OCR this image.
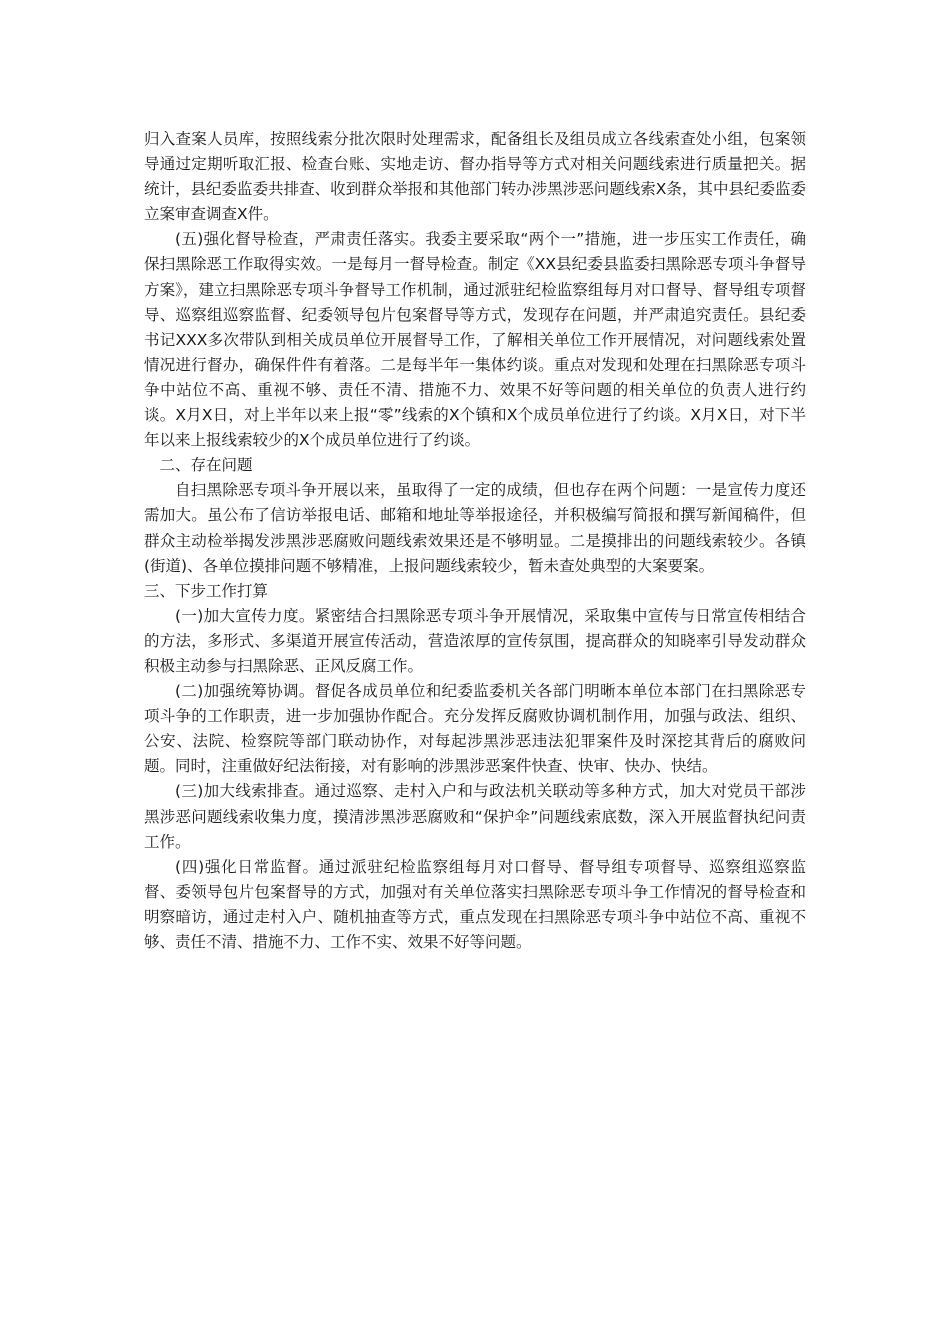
归入查案人员库，按照线索分批次限时处理需求，配备组长及组员成立各线索查处小组，包案领导通过定期听取汇报、检查台账、实地走访、督办指导等方式对相关问题线索进行质量把关。据统计，县纪委监委共排查、收到群众举报和其他部门转办涉黑涉恶问题线索X条，其中县纪委监委立案审查调查X件。

(五)强化督导检查，严肃责任落实。我委主要采取“两个一”措施，进一步压实工作责任，确保扫黑除恶工作取得实效。一是每月一督导检查。制定《XX县纪委县监委扫黑除恶专项斗争督导方案》，建立扫黑除恶专项斗争督导工作机制，通过派驻纪检监察组每月对口督导、督导组专项督导、巡察组巡察监督、纪委领导包片包案督导等方式，发现存在问题，并严肃追究责任。县纪委书记XXX多次带队到相关成员单位开展督导工作，了解相关单位工作开展情况，对问题线索处置情况进行督办，确保件件有着落。二是每半年一集体约谈。重点对发现和处理在扫黑除恶专项斗争中站位不高、重视不够、责任不清、措施不力、效果不好等问题的相关单位的负责人进行约谈。X月X日，对上半年以来上报“零”线索的X个镇和X个成员单位进行了约谈。X月X日，对下半年以来上报线索较少的X个成员单位进行了约谈。

二、存在问题

自扫黑除恶专项斗争开展以来，虽取得了一定的成绩，但也存在两个问题：一是宣传力度还需加大。虽公布了信访举报电话、邮箱和地址等举报途径，并积极编写简报和撰写新闻稿件，但群众主动检举揭发涉黑涉恶腐败问题线索效果还是不够明显。二是摸排出的问题线索较少。各镇(街道)、各单位摸排问题不够精准，上报问题线索较少，暂未查处典型的大案要案。

三、下步工作打算

(一)加大宣传力度。紧密结合扫黑除恶专项斗争开展情况，采取集中宣传与日常宣传相结合的方法，多形式、多渠道开展宣传活动，营造浓厚的宣传氛围，提高群众的知晓率引导发动群众积极主动参与扫黑除恶、正风反腐工作。

(二)加强统筹协调。督促各成员单位和纪委监委机关各部门明晰本单位本部门在扫黑除恶专项斗争的工作职责，进一步加强协作配合。充分发挥反腐败协调机制作用，加强与政法、组织、公安、法院、检察院等部门联动协作，对每起涉黑涉恶违法犯罪案件及时深挖其背后的腐败问题。同时，注重做好纪法衔接，对有影响的涉黑涉恶案件快查、快审、快办、快结。

(三)加大线索排查。通过巡察、走村入户和与政法机关联动等多种方式，加大对党员干部涉黑涉恶问题线索收集力度，摸清涉黑涉恶腐败和“保护伞”问题线索底数，深入开展监督执纪问责工作。

(四)强化日常监督。通过派驻纪检监察组每月对口督导、督导组专项督导、巡察组巡察监督、委领导包片包案督导的方式，加强对有关单位落实扫黑除恶专项斗争工作情况的督导检查和明察暗访，通过走村入户、随机抽查等方式，重点发现在扫黑除恶专项斗争中站位不高、重视不够、责任不清、措施不力、工作不实、效果不好等问题。
